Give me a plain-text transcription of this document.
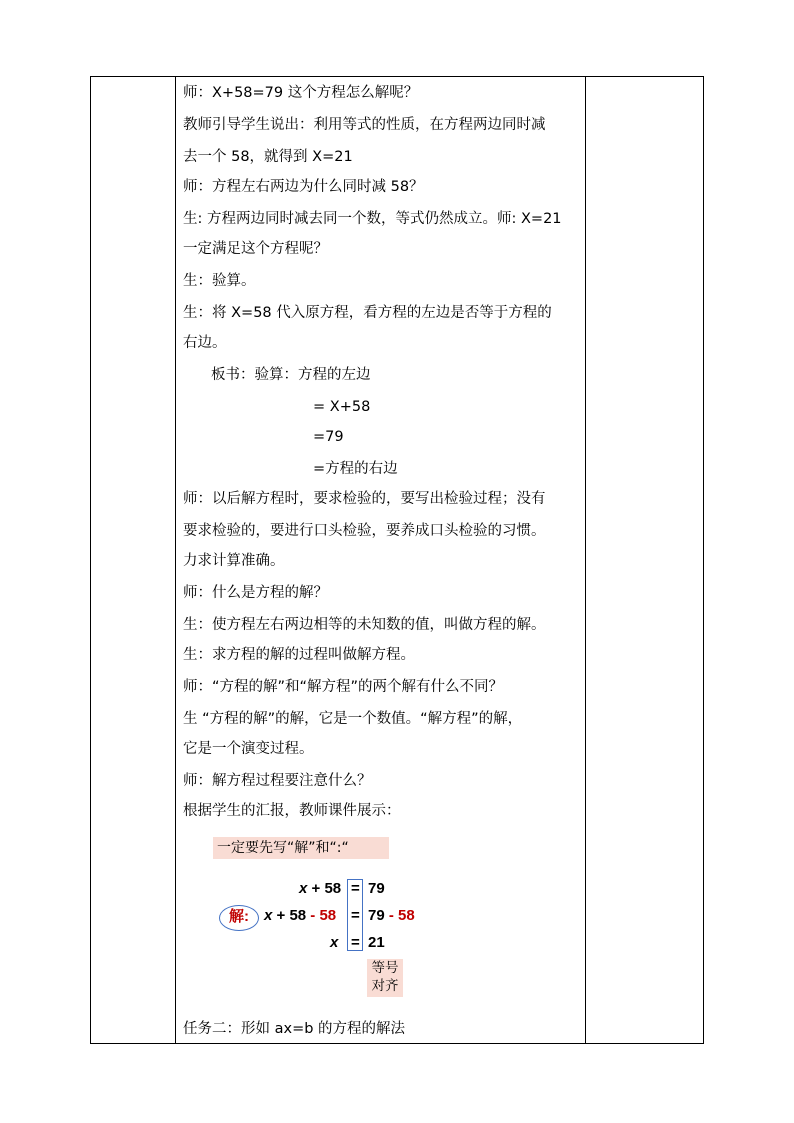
师：X+58=79 这个方程怎么解呢？
教师引导学生说出：利用等式的性质，在方程两边同时减
去一个 58，就得到 X=21
师：方程左右两边为什么同时减 58？
生: 方程两边同时减去同一个数，等式仍然成立。师: X=21
一定满足这个方程呢？
生：验算。
生：将 X=58 代入原方程，看方程的左边是否等于方程的
右边。
板书：验算：方程的左边
= X+58
=79
=方程的右边
师：以后解方程时，要求检验的，要写出检验过程；没有
要求检验的，要进行口头检验，要养成口头检验的习惯。
力求计算准确。
师：什么是方程的解？
生：使方程左右两边相等的未知数的值，叫做方程的解。
生：求方程的解的过程叫做解方程。
师：“方程的解”和“解方程”的两个解有什么不同？
生 “方程的解”的解，它是一个数值。“解方程”的解，
它是一个演变过程。
师：解方程过程要注意什么？
根据学生的汇报，教师课件展示：
一定要先写“解”和“:“
x + 58 = 79
解:	x + 58 - 58 = 79 - 58
x = 21
等号
对齐
任务二：形如 ax=b 的方程的解法
